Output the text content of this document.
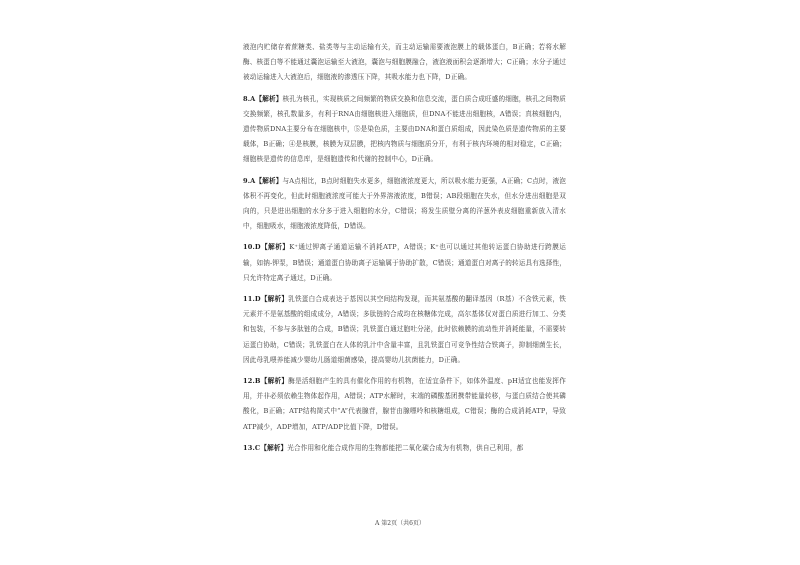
液泡内贮储存着蔗糖类、盐类等与主动运输有关，而主动运输需要液泡膜上的载体蛋白，B正确；若将水解酶、核蛋白等不能通过囊泡运输至大液泡，囊泡与细胞膜融合，液泡液面积会逐渐增大；C正确；水分子通过被动运输进入大液泡后，细胞液的渗透压下降，其吸水能力也下降，D正确。

8.A【解析】核孔为核孔，实现核质之间频繁的物质交换和信息交流，蛋白质合成旺盛的细胞，核孔之间物质交换频繁，核孔数量多，有利于RNA由细胞核进入细胞质，但DNA不能进出细胞核，A错误；真核细胞内，遗传物质DNA主要分布在细胞核中，⑤是染色质，主要由DNA和蛋白质组成，因此染色质是遗传物质的主要载体，B正确；④是核膜，核膜为双层膜，把核内物质与细胞质分开，有利于核内环境的相对稳定，C正确；细胞核是遗传的信息库，是细胞遗传和代谢的控制中心，D正确。

9.A【解析】与A点相比，B点时细胞失水更多，细胞液浓度更大，所以吸水能力更强，A正确；C点时，液泡体积不再变化，但此时细胞液浓度可能大于外界溶液浓度，B错误；AB段细胞在失水，但水分进出细胞是双向的，只是进出细胞的水分多于进入细胞的水分，C错误；将发生质壁分离的洋葱外表皮细胞重新放入清水中，细胞吸水，细胞液浓度降低，D错误。

10.D【解析】K⁺通过钾离子通道运输不消耗ATP，A错误；K⁺也可以通过其他转运蛋白协助进行跨膜运输，如钠-钾泵，B错误；通道蛋白协助离子运输属于协助扩散，C错误；通道蛋白对离子的转运具有选择性，只允许特定离子通过，D正确。

11.D【解析】乳铁蛋白合成表达于基因以其空间结构发现，而其氨基酸的翻译基因（R基）不含铁元素，铁元素并不是氨基酸的组成成分，A错误；多肽链的合成均在核糖体完成，高尔基体仅对蛋白质进行加工、分类和包装，不参与多肽链的合成，B错误；乳铁蛋白通过胞吐分泌，此时依赖膜的流动性并消耗能量，不需要转运蛋白协助，C错误；乳铁蛋白在人体的乳汁中含量丰富，且乳铁蛋白可竞争性结合铁离子，抑制细菌生长，因此母乳喂养能减少婴幼儿肠道细菌感染，提高婴幼儿抗菌能力，D正确。

12.B【解析】酶是活细胞产生的具有催化作用的有机物，在适宜条件下，如体外温度、pH适宜也能发挥作用，并非必须依赖生物体起作用，A错误；ATP水解时，末端的磷酸基团携带能量转移，与蛋白质结合使其磷酸化，B正确；ATP结构简式中“A”代表腺苷，腺苷由腺嘌呤和核糖组成，C错误；酶的合成消耗ATP，导致ATP减少，ADP增加，ATP/ADP比值下降，D错误。

13.C【解析】光合作用和化能合成作用的生物都能把二氧化碳合成为有机物，供自己利用，都

A 第2页（共6页）
